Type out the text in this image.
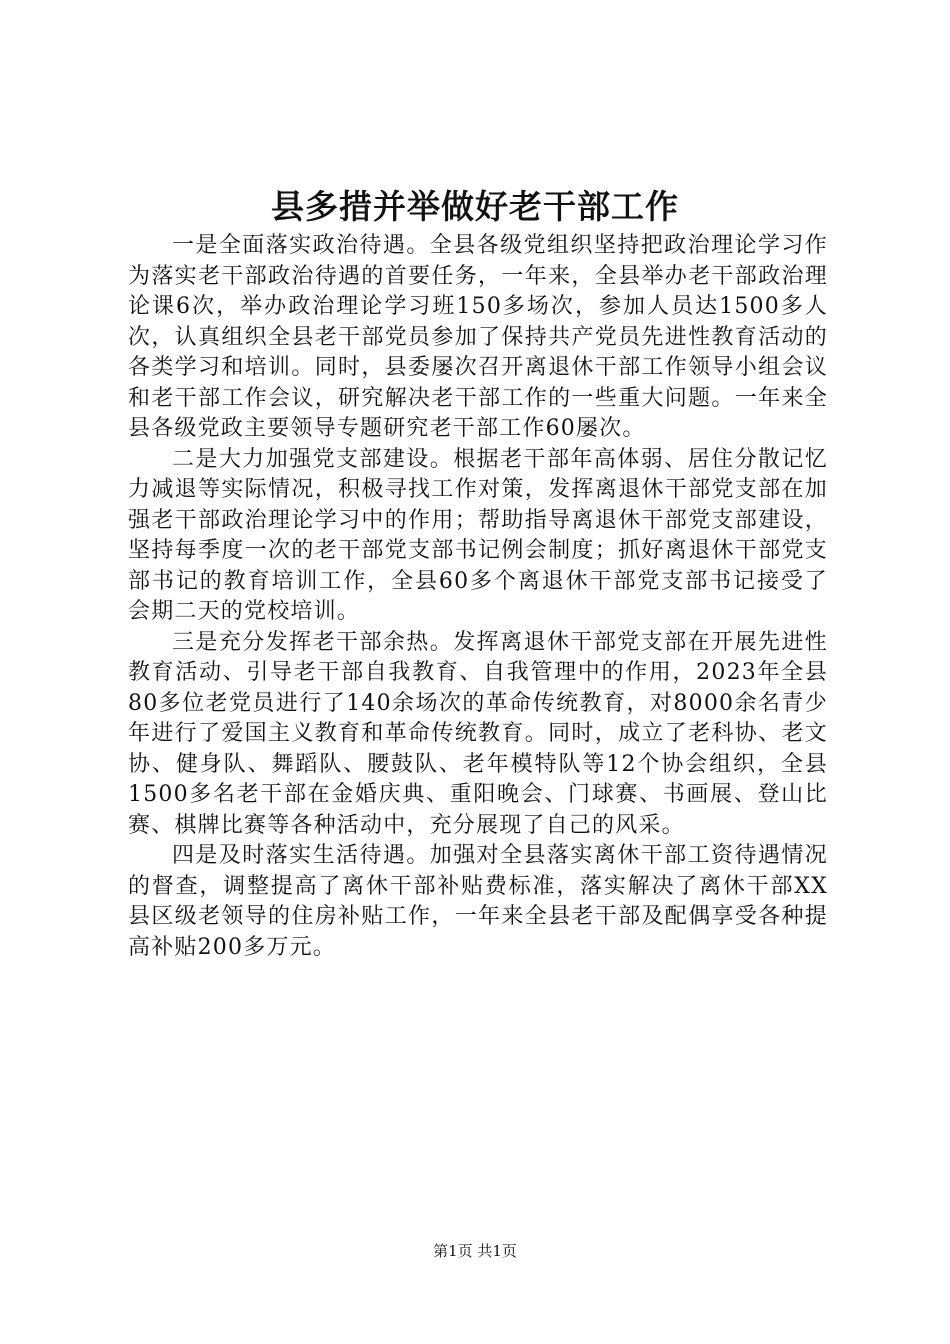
县多措并举做好老干部工作

一是全面落实政治待遇。全县各级党组织坚持把政治理论学习作为落实老干部政治待遇的首要任务，一年来，全县举办老干部政治理论课6次，举办政治理论学习班150多场次，参加人员达1500多人次，认真组织全县老干部党员参加了保持共产党员先进性教育活动的各类学习和培训。同时，县委屡次召开离退休干部工作领导小组会议和老干部工作会议，研究解决老干部工作的一些重大问题。一年来全县各级党政主要领导专题研究老干部工作60屡次。

二是大力加强党支部建设。根据老干部年高体弱、居住分散记忆力减退等实际情况，积极寻找工作对策，发挥离退休干部党支部在加强老干部政治理论学习中的作用；帮助指导离退休干部党支部建设，坚持每季度一次的老干部党支部书记例会制度；抓好离退休干部党支部书记的教育培训工作，全县60多个离退休干部党支部书记接受了会期二天的党校培训。

三是充分发挥老干部余热。发挥离退休干部党支部在开展先进性教育活动、引导老干部自我教育、自我管理中的作用，2023年全县80多位老党员进行了140余场次的革命传统教育，对8000余名青少年进行了爱国主义教育和革命传统教育。同时，成立了老科协、老文协、健身队、舞蹈队、腰鼓队、老年模特队等12个协会组织，全县1500多名老干部在金婚庆典、重阳晚会、门球赛、书画展、登山比赛、棋牌比赛等各种活动中，充分展现了自己的风采。

四是及时落实生活待遇。加强对全县落实离休干部工资待遇情况的督查，调整提高了离休干部补贴费标准，落实解决了离休干部XX县区级老领导的住房补贴工作，一年来全县老干部及配偶享受各种提高补贴200多万元。

第1页 共1页
